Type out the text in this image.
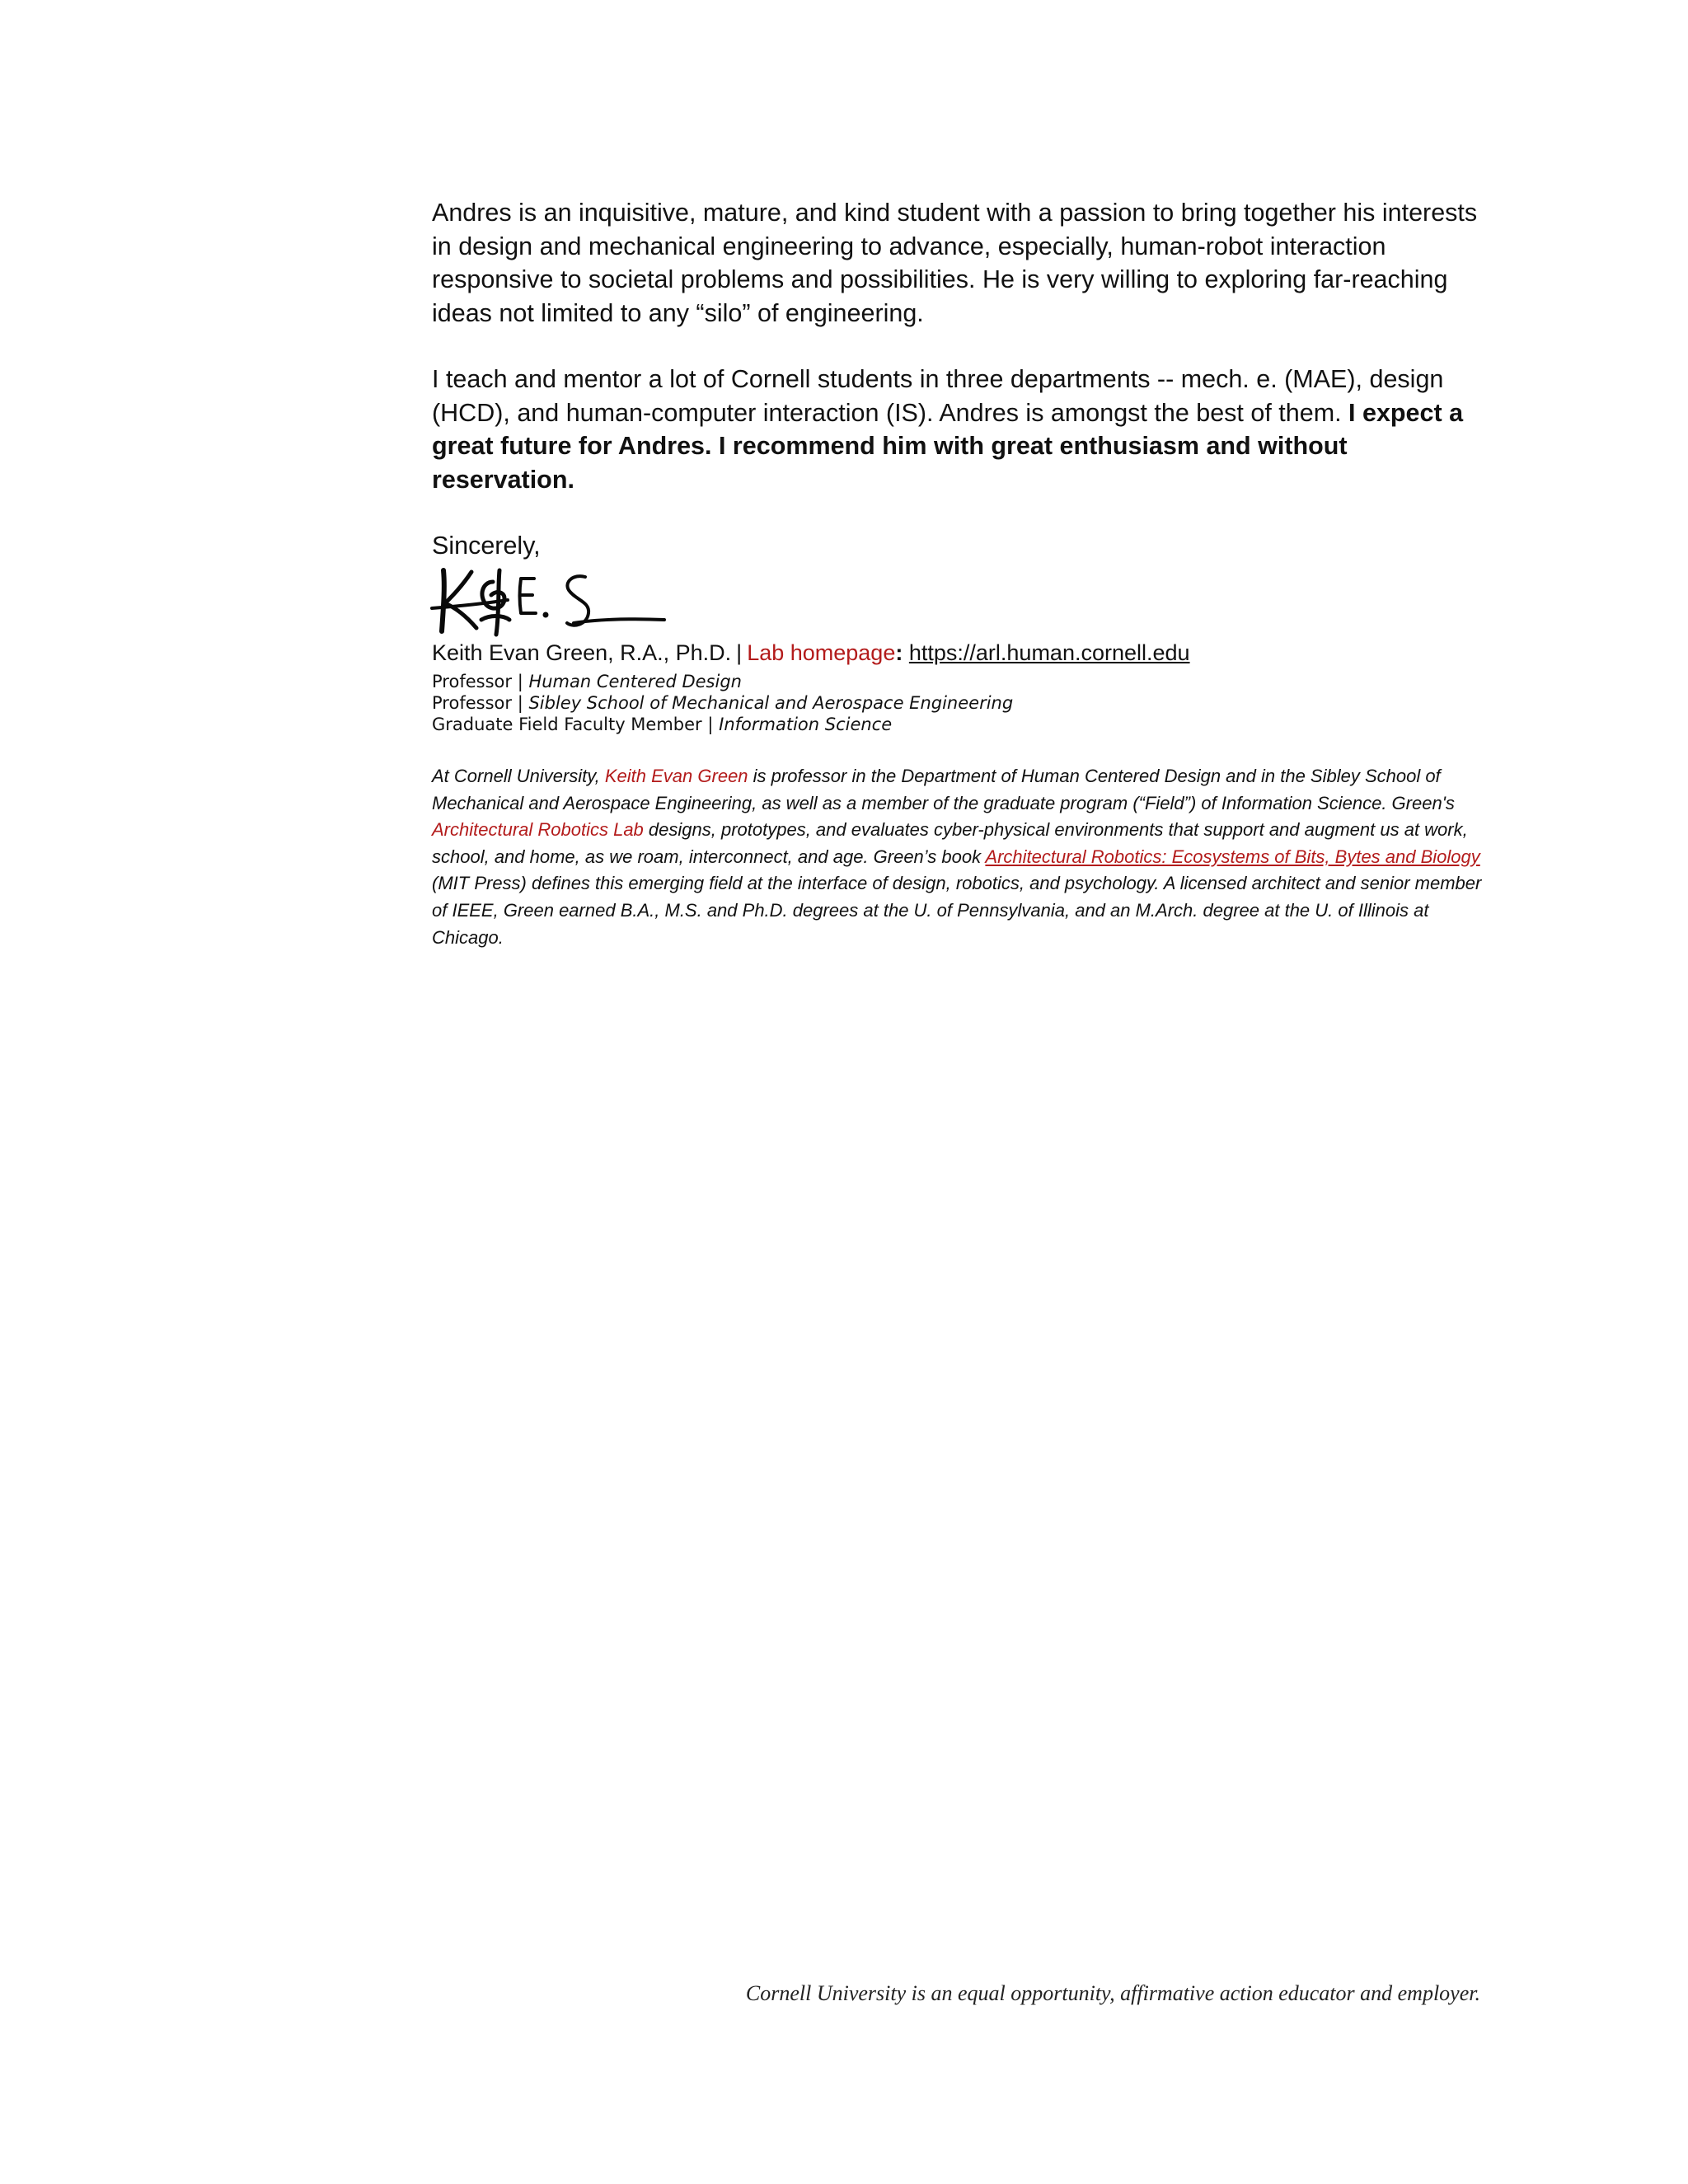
Andres is an inquisitive, mature, and kind student with a passion to bring together his interests in design and mechanical engineering to advance, especially, human-robot interaction responsive to societal problems and possibilities. He is very willing to exploring far-reaching ideas not limited to any “silo” of engineering.

I teach and mentor a lot of Cornell students in three departments -- mech. e. (MAE), design (HCD), and human-computer interaction (IS). Andres is amongst the best of them. I expect a great future for Andres. I recommend him with great enthusiasm and without reservation.

Sincerely,

Keith Evan Green, R.A., Ph.D. | Lab homepage: https://arl.human.cornell.edu

Professor | Human Centered Design
Professor | Sibley School of Mechanical and Aerospace Engineering
Graduate Field Faculty Member | Information Science

At Cornell University, Keith Evan Green is professor in the Department of Human Centered Design and in the Sibley School of Mechanical and Aerospace Engineering, as well as a member of the graduate program (“Field”) of Information Science. Green's Architectural Robotics Lab designs, prototypes, and evaluates cyber-physical environments that support and augment us at work, school, and home, as we roam, interconnect, and age. Green’s book Architectural Robotics: Ecosystems of Bits, Bytes and Biology (MIT Press) defines this emerging field at the interface of design, robotics, and psychology. A licensed architect and senior member of IEEE, Green earned B.A., M.S. and Ph.D. degrees at the U. of Pennsylvania, and an M.Arch. degree at the U. of Illinois at Chicago.

Cornell University is an equal opportunity, affirmative action educator and employer.
